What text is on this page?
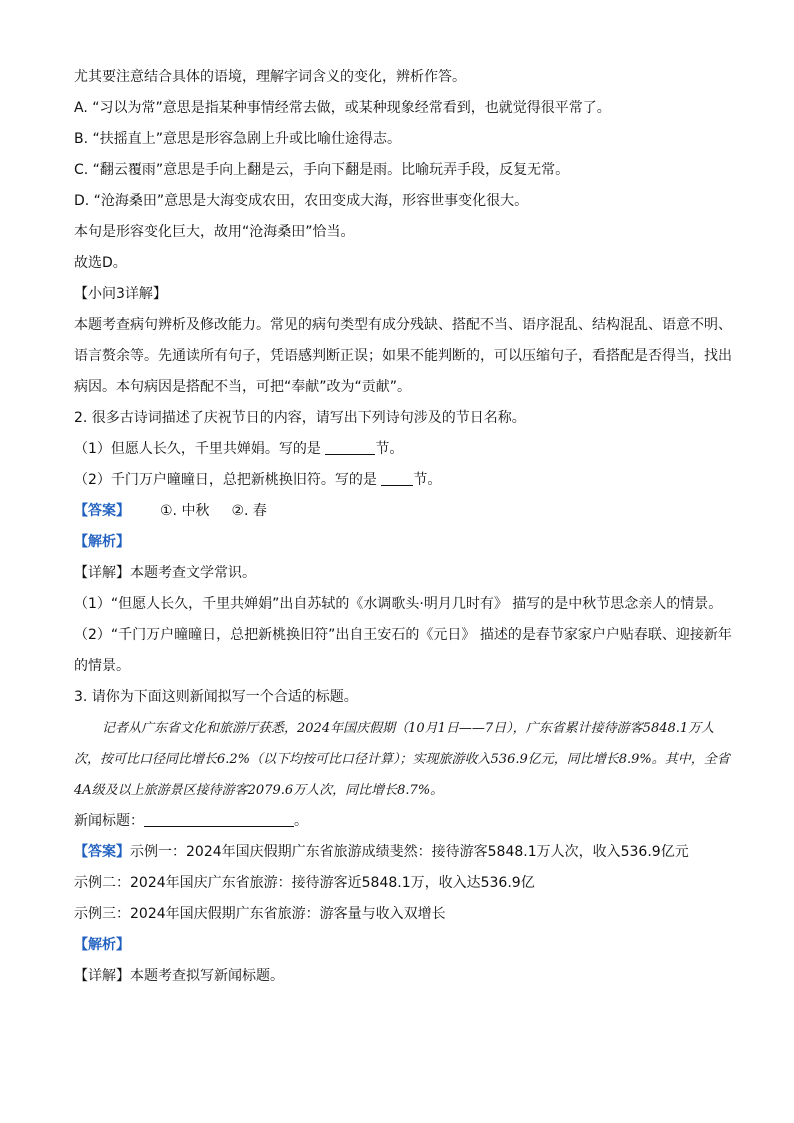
尤其要注意结合具体的语境，理解字词含义的变化，辨析作答。
A. “习以为常”意思是指某种事情经常去做，或某种现象经常看到，也就觉得很平常了。
B. “扶摇直上”意思是形容急剧上升或比喻仕途得志。
C. “翻云覆雨”意思是手向上翻是云，手向下翻是雨。比喻玩弄手段，反复无常。
D. “沧海桑田”意思是大海变成农田，农田变成大海，形容世事变化很大。
本句是形容变化巨大，故用“沧海桑田”恰当。
故选D。
【小问3详解】
本题考查病句辨析及修改能力。常见的病句类型有成分残缺、搭配不当、语序混乱、结构混乱、语意不明、语言赘余等。先通读所有句子，凭语感判断正误；如果不能判断的，可以压缩句子，看搭配是否得当，找出病因。本句病因是搭配不当，可把“奉献”改为“贡献”。
2. 很多古诗词描述了庆祝节日的内容，请写出下列诗句涉及的节日名称。
（1）但愿人长久，千里共婵娟。写的是	节。
（2）千门万户曈曈日，总把新桃换旧符。写的是	节。
【答案】 ①. 中秋 ②. 春
【解析】
【详解】本题考查文学常识。
（1）“但愿人长久，千里共婵娟”出自苏轼的《水调歌头·明月几时有》 描写的是中秋节思念亲人的情景。
（2）“千门万户曈曈日，总把新桃换旧符”出自王安石的《元日》 描述的是春节家家户户贴春联、迎接新年的情景。
3. 请你为下面这则新闻拟写一个合适的标题。
记者从广东省文化和旅游厅获悉，2024年国庆假期（10月1日——7日），广东省累计接待游客5848.1万人次，按可比口径同比增长6.2%（以下均按可比口径计算）；实现旅游收入536.9亿元，同比增长8.9%。其中，全省4A级及以上旅游景区接待游客2079.6万人次，同比增长8.7%。
新闻标题：	。
【答案】示例一：2024年国庆假期广东省旅游成绩斐然：接待游客5848.1万人次，收入536.9亿元
示例二：2024年国庆广东省旅游：接待游客近5848.1万，收入达536.9亿
示例三：2024年国庆假期广东省旅游：游客量与收入双增长
【解析】
【详解】本题考查拟写新闻标题。
